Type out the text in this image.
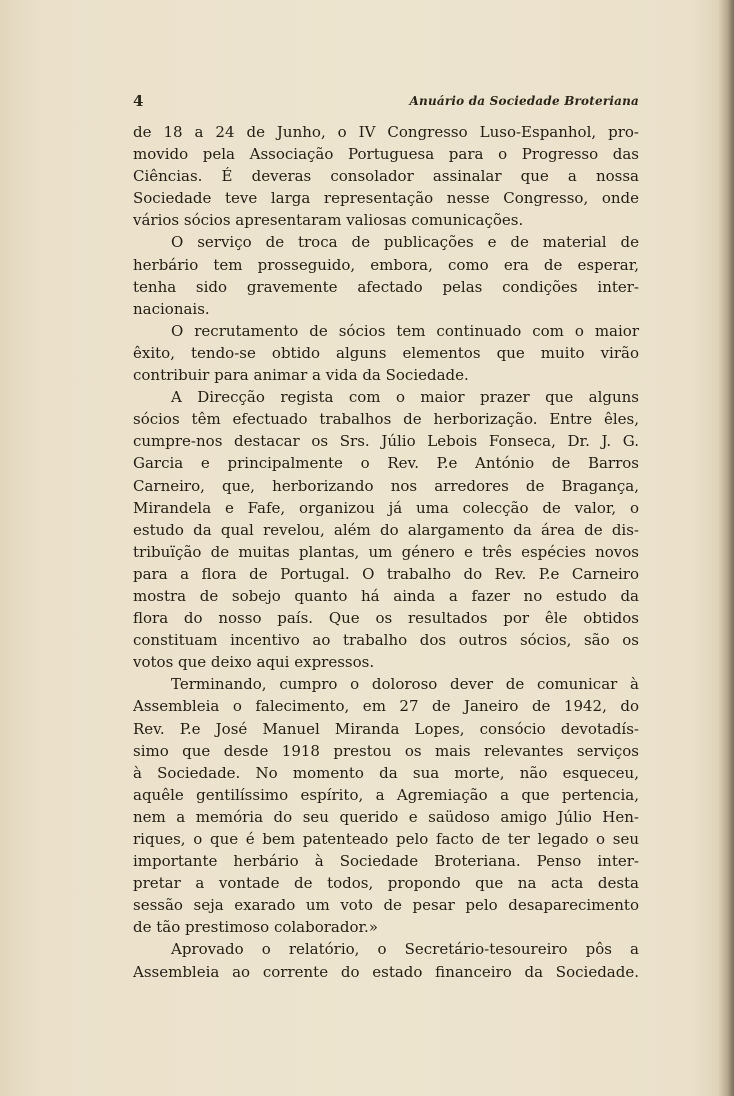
4	Anuário da Sociedade Broteriana
de 18 a 24 de Junho, o IV Congresso Luso-Espanhol, pro-
movido pela Associação Portuguesa para o Progresso das
Ciências. É deveras consolador assinalar que a nossa
Sociedade teve larga representação nesse Congresso, onde
vários sócios apresentaram valiosas comunicações.
O serviço de troca de publicações e de material de
herbário tem prosseguido, embora, como era de esperar,
tenha sido gravemente afectado pelas condições inter-
nacionais.
O recrutamento de sócios tem continuado com o maior
êxito, tendo-se obtido alguns elementos que muito virão
contribuir para animar a vida da Sociedade.
A Direcção regista com o maior prazer que alguns
sócios têm efectuado trabalhos de herborização. Entre êles,
cumpre-nos destacar os Srs. Júlio Lebois Fonseca, Dr. J. G.
Garcia e principalmente o Rev. P.e António de Barros
Carneiro, que, herborizando nos arredores de Bragança,
Mirandela e Fafe, organizou já uma colecção de valor, o
estudo da qual revelou, além do alargamento da área de dis-
tribuïção de muitas plantas, um género e três espécies novos
para a flora de Portugal. O trabalho do Rev. P.e Carneiro
mostra de sobejo quanto há ainda a fazer no estudo da
flora do nosso país. Que os resultados por êle obtidos
constituam incentivo ao trabalho dos outros sócios, são os
votos que deixo aqui expressos.
Terminando, cumpro o doloroso dever de comunicar à
Assembleia o falecimento, em 27 de Janeiro de 1942, do
Rev. P.e José Manuel Miranda Lopes, consócio devotadís-
simo que desde 1918 prestou os mais relevantes serviços
à Sociedade. No momento da sua morte, não esqueceu,
aquêle gentilíssimo espírito, a Agremiação a que pertencia,
nem a memória do seu querido e saüdoso amigo Júlio Hen-
riques, o que é bem patenteado pelo facto de ter legado o seu
importante herbário à Sociedade Broteriana. Penso inter-
pretar a vontade de todos, propondo que na acta desta
sessão seja exarado um voto de pesar pelo desaparecimento
de tão prestimoso colaborador.»
Aprovado o relatório, o Secretário-tesoureiro pôs a
Assembleia ao corrente do estado financeiro da Sociedade.
